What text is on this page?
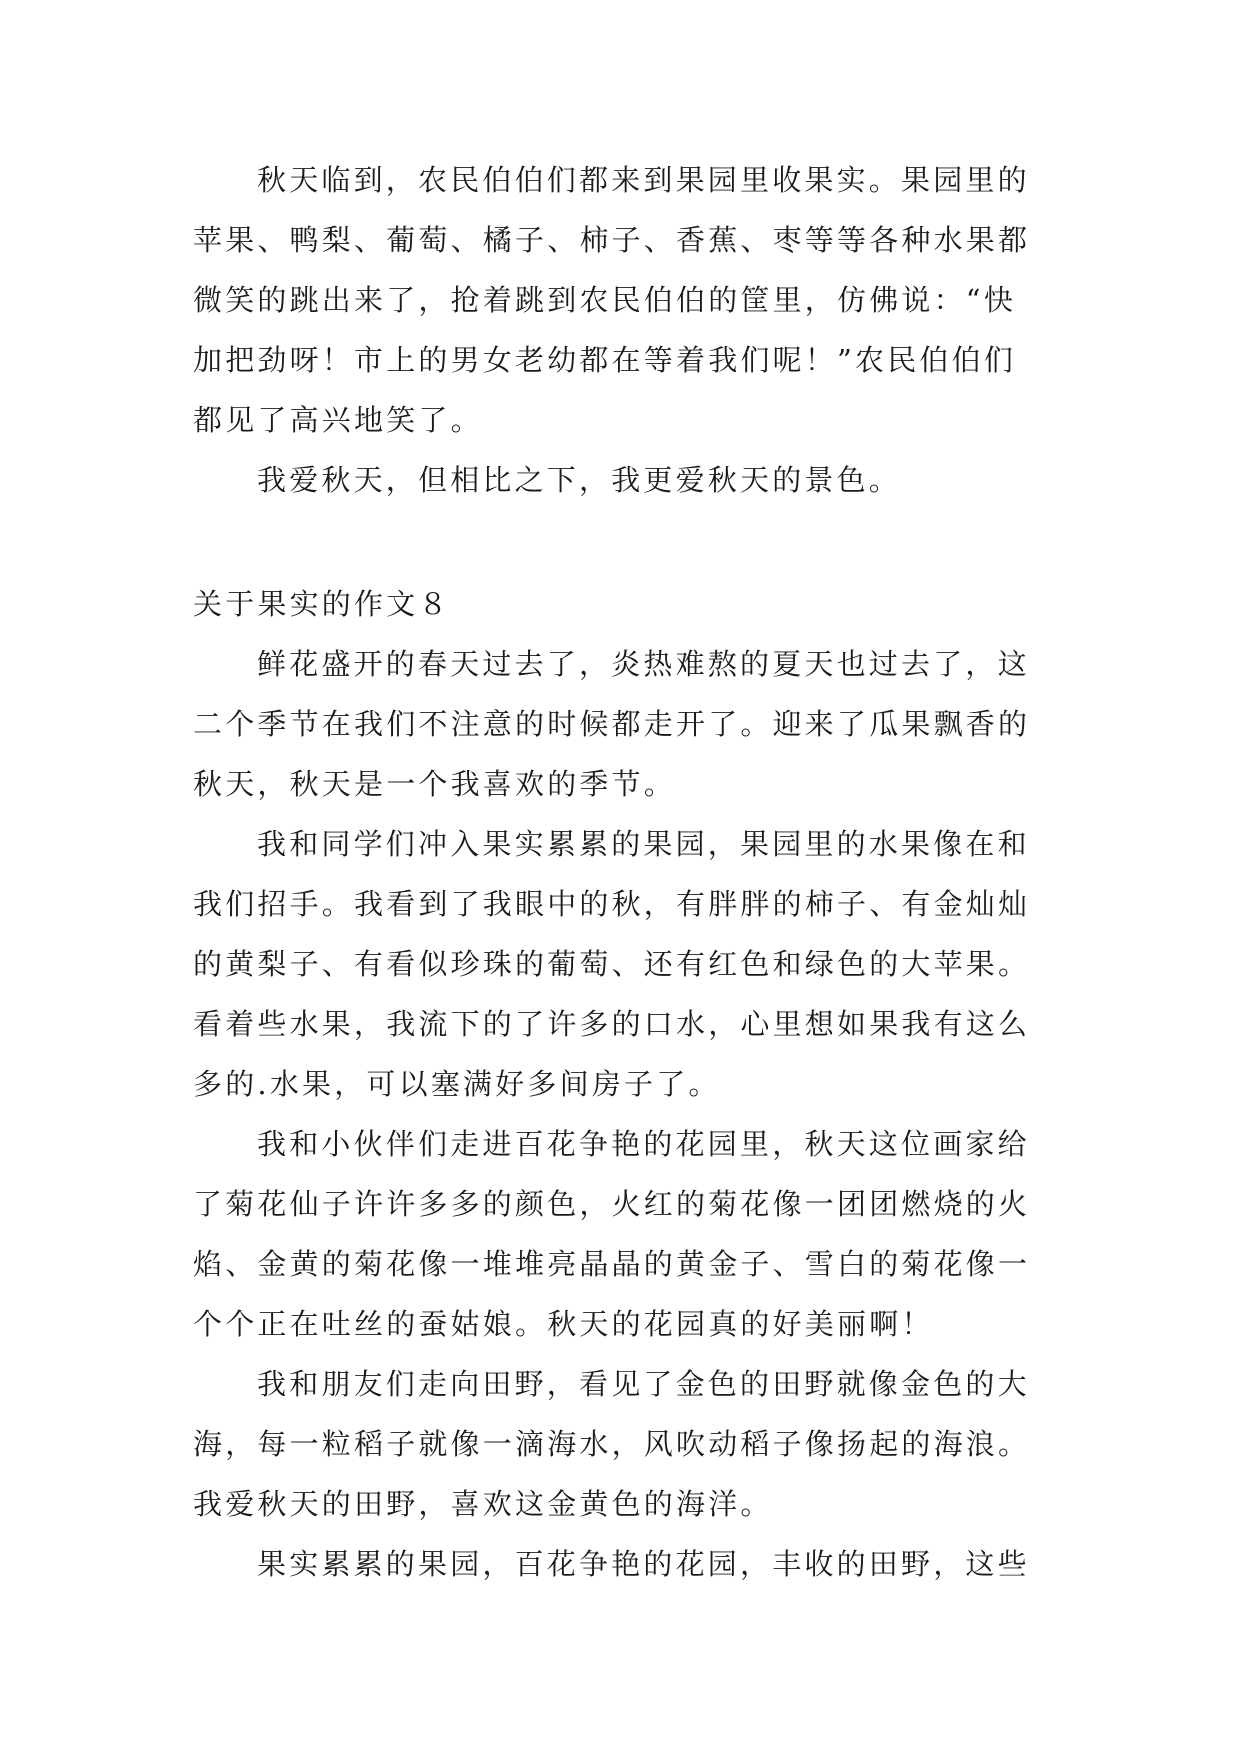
秋天临到，农民伯伯们都来到果园里收果实。果园里的
苹果、鸭梨、葡萄、橘子、柿子、香蕉、枣等等各种水果都
微笑的跳出来了，抢着跳到农民伯伯的筐里，仿佛说：“快
加把劲呀！市上的男女老幼都在等着我们呢！”农民伯伯们
都见了高兴地笑了。
我爱秋天，但相比之下，我更爱秋天的景色。
关于果实的作文８
鲜花盛开的春天过去了，炎热难熬的夏天也过去了，这
二个季节在我们不注意的时候都走开了。迎来了瓜果飘香的
秋天，秋天是一个我喜欢的季节。
我和同学们冲入果实累累的果园，果园里的水果像在和
我们招手。我看到了我眼中的秋，有胖胖的柿子、有金灿灿
的黄梨子、有看似珍珠的葡萄、还有红色和绿色的大苹果。
看着些水果，我流下的了许多的口水，心里想如果我有这么
多的.水果，可以塞满好多间房子了。
我和小伙伴们走进百花争艳的花园里，秋天这位画家给
了菊花仙子许许多多的颜色，火红的菊花像一团团燃烧的火
焰、金黄的菊花像一堆堆亮晶晶的黄金子、雪白的菊花像一
个个正在吐丝的蚕姑娘。秋天的花园真的好美丽啊！
我和朋友们走向田野，看见了金色的田野就像金色的大
海，每一粒稻子就像一滴海水，风吹动稻子像扬起的海浪。
我爱秋天的田野，喜欢这金黄色的海洋。
果实累累的果园，百花争艳的花园，丰收的田野，这些
